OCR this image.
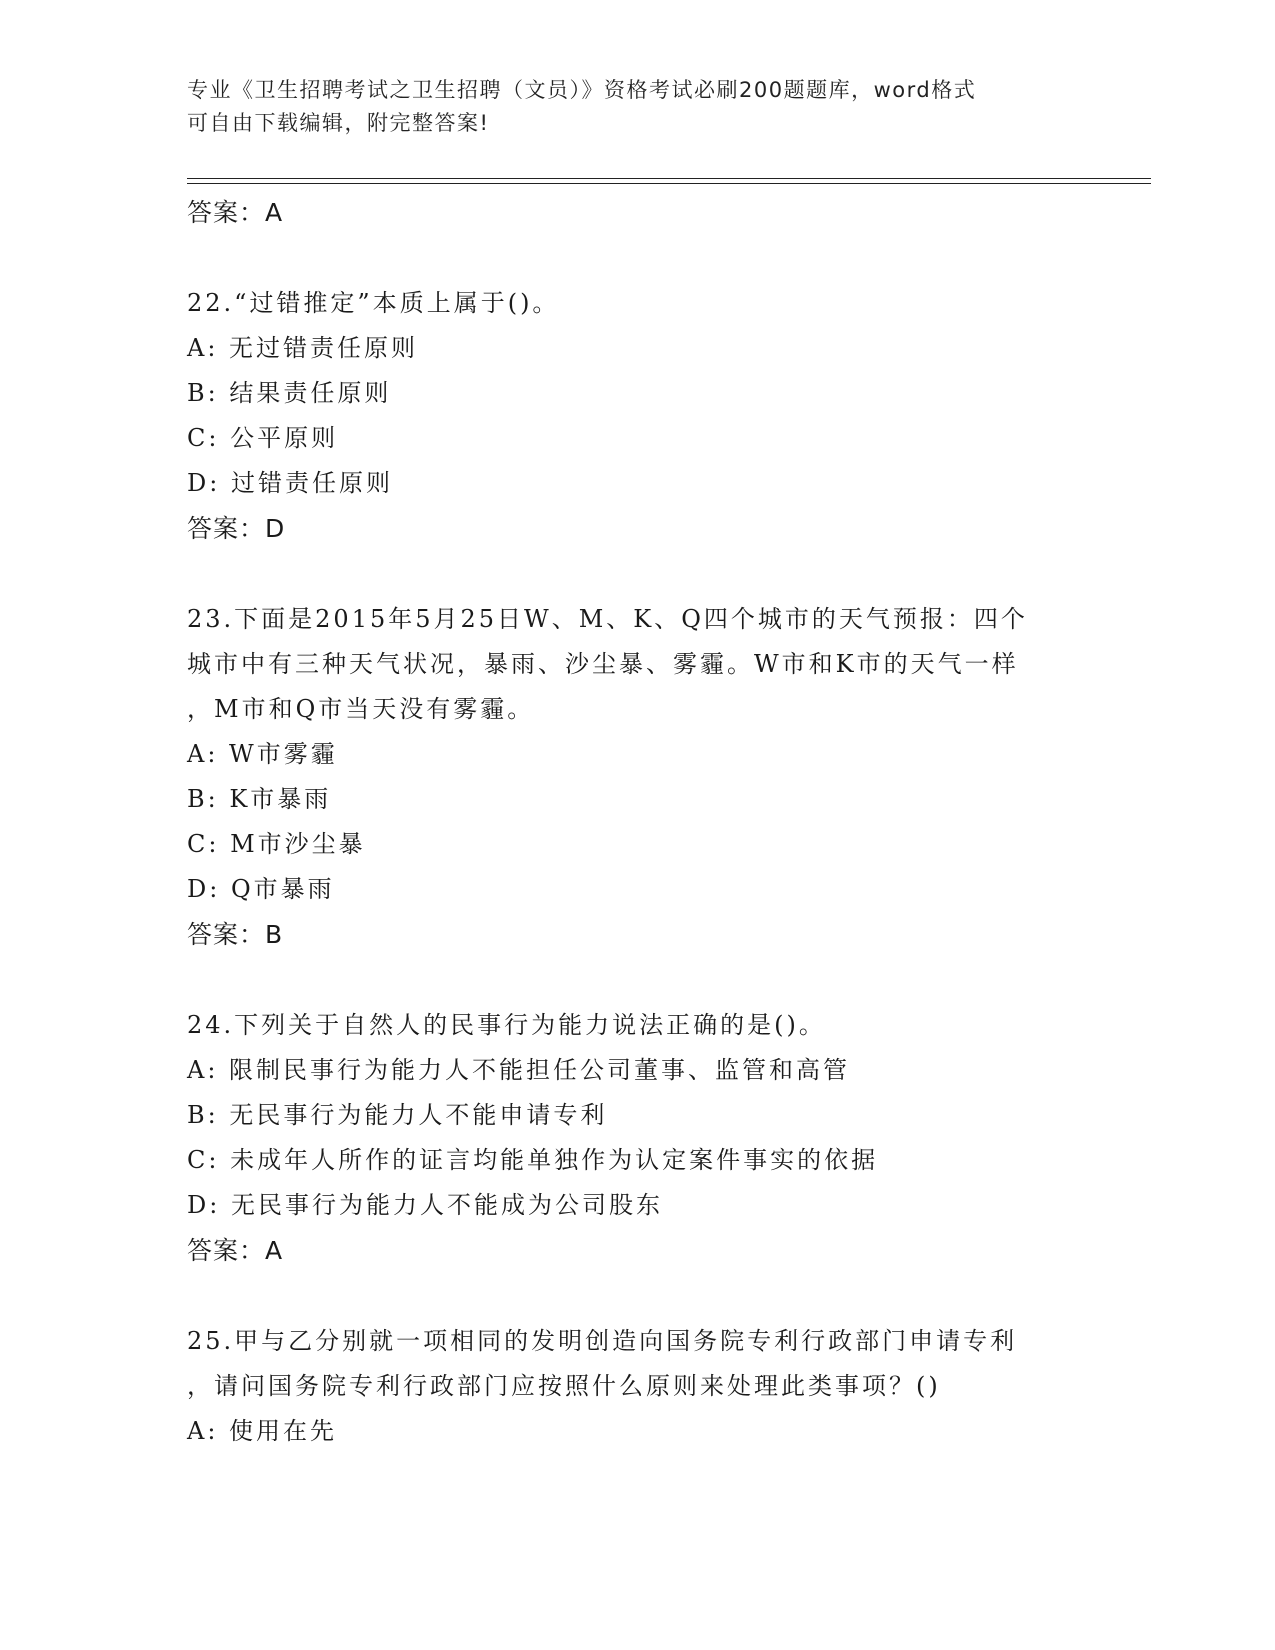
专业《卫生招聘考试之卫生招聘（文员）》资格考试必刷200题题库，word格式
可自由下载编辑，附完整答案!
答案：A
22.“过错推定”本质上属于()。
A: 无过错责任原则
B: 结果责任原则
C: 公平原则
D: 过错责任原则
答案：D
23.下面是2015年5月25日W、M、K、Q四个城市的天气预报：四个
城市中有三种天气状况，暴雨、沙尘暴、雾霾。W市和K市的天气一样
，M市和Q市当天没有雾霾。
A: W市雾霾
B: K市暴雨
C: M市沙尘暴
D: Q市暴雨
答案：B
24.下列关于自然人的民事行为能力说法正确的是()。
A: 限制民事行为能力人不能担任公司董事、监管和高管
B: 无民事行为能力人不能申请专利
C: 未成年人所作的证言均能单独作为认定案件事实的依据
D: 无民事行为能力人不能成为公司股东
答案：A
25.甲与乙分别就一项相同的发明创造向国务院专利行政部门申请专利
，请问国务院专利行政部门应按照什么原则来处理此类事项？()
A: 使用在先
